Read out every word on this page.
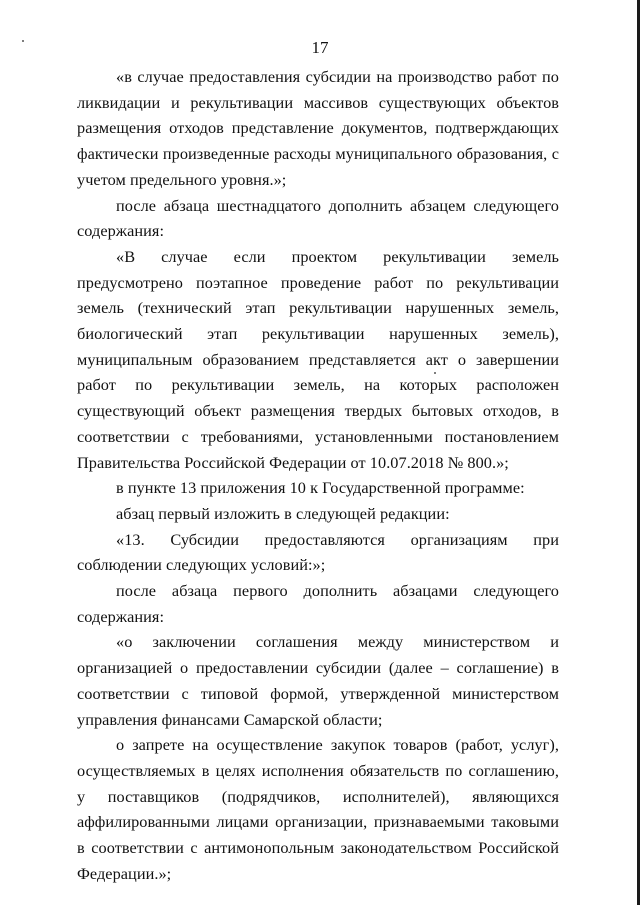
17

«в случае предоставления субсидии на производство работ по ликвидации и рекультивации массивов существующих объектов размещения отходов представление документов, подтверждающих фактически произведенные расходы муниципального образования, с учетом предельного уровня.»;

после абзаца шестнадцатого дополнить абзацем следующего содержания:

«В случае если проектом рекультивации земель предусмотрено поэтапное проведение работ по рекультивации земель (технический этап рекультивации нарушенных земель, биологический этап рекультивации нарушенных земель), муниципальным образованием представляется акт о завершении работ по рекультивации земель, на которых расположен существующий объект размещения твердых бытовых отходов, в соответствии с требованиями, установленными постановлением Правительства Российской Федерации от 10.07.2018 № 800.»;

в пункте 13 приложения 10 к Государственной программе:

абзац первый изложить в следующей редакции:

«13. Субсидии предоставляются организациям при соблюдении следующих условий:»;

после абзаца первого дополнить абзацами следующего содержания:

«о заключении соглашения между министерством и организацией о предоставлении субсидии (далее – соглашение) в соответствии с типовой формой, утвержденной министерством управления финансами Самарской области;

о запрете на осуществление закупок товаров (работ, услуг), осуществляемых в целях исполнения обязательств по соглашению, у поставщиков (подрядчиков, исполнителей), являющихся аффилированными лицами организации, признаваемыми таковыми в соответствии с антимонопольным законодательством Российской Федерации.»;
